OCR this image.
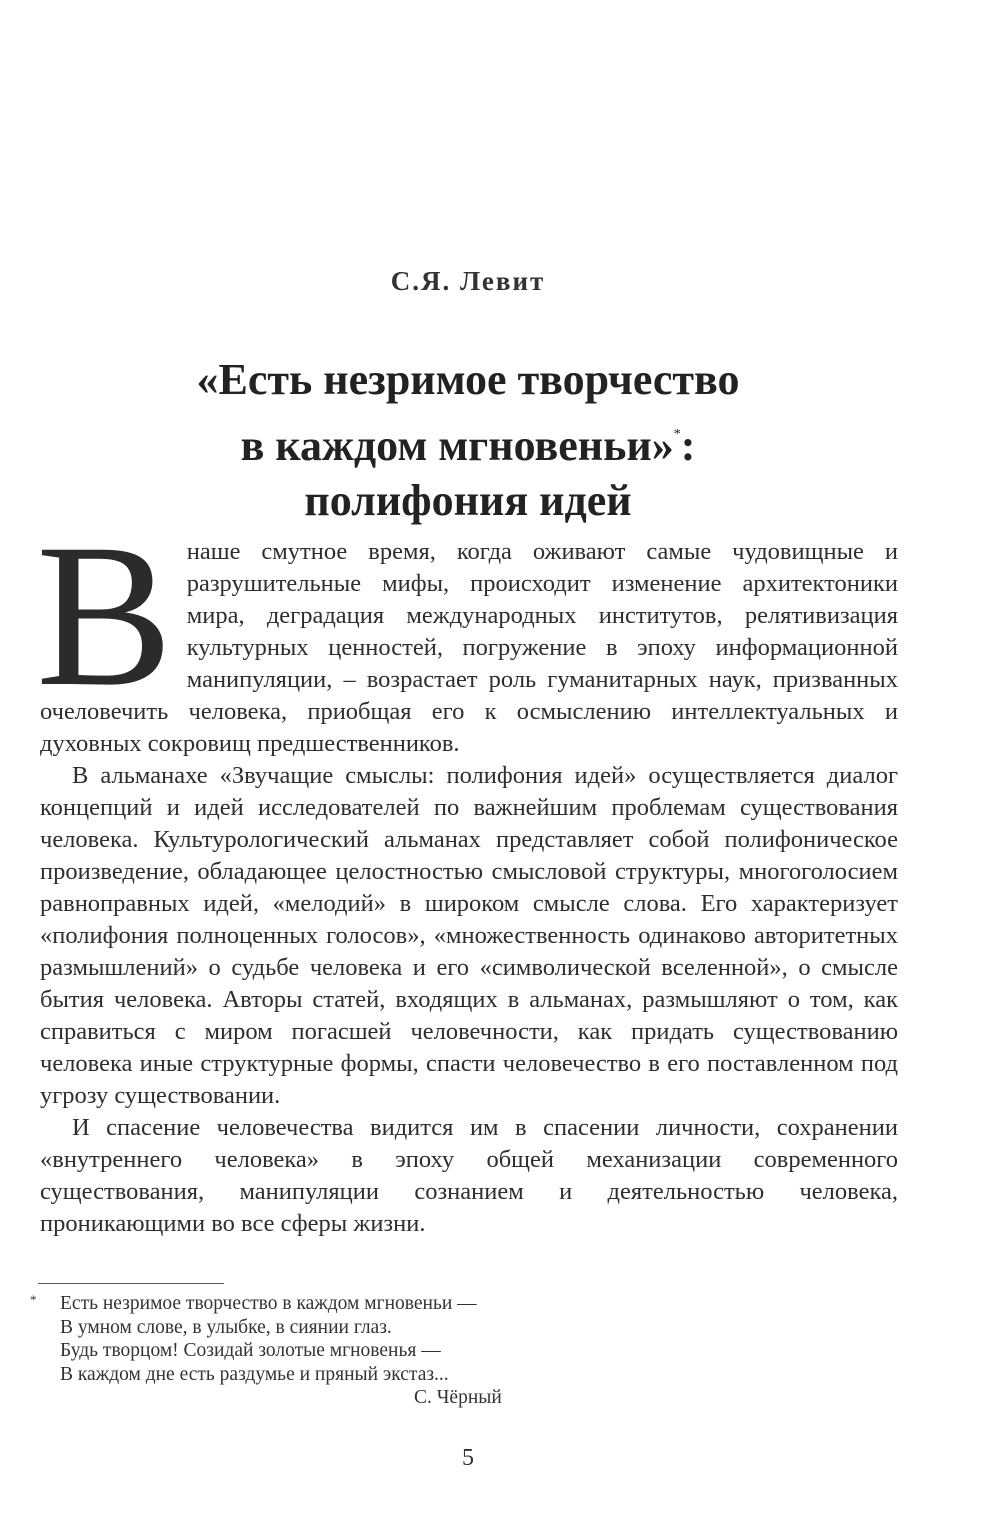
С.Я. Левит
«Есть незримое творчество
в каждом мгновеньи»*:
полифония идей

Внаше смутное время, когда оживают самые чудовищные и разрушительные мифы, происходит изменение архитектоники мира, деградация международных институтов, релятивизация культурных ценностей, погружение в эпоху информационной манипуляции, – возрастает роль гуманитарных наук, призванных очеловечить человека, приобщая его к осмыслению интеллектуальных и духовных сокровищ предшественников.

В альманахе «Звучащие смыслы: полифония идей» осуществляется диалог концепций и идей исследователей по важнейшим проблемам существования человека. Культурологический альманах представляет собой полифоническое произведение, обладающее целостностью смысловой структуры, многоголосием равноправных идей, «мелодий» в широком смысле слова. Его характеризует «полифония полноценных голосов», «множественность одинаково авторитетных размышлений» о судьбе человека и его «символической вселенной», о смысле бытия человека. Авторы статей, входящих в альманах, размышляют о том, как справиться с миром погасшей человечности, как придать существованию человека иные структурные формы, спасти человечество в его поставленном под угрозу существовании.

И спасение человечества видится им в спасении личности, сохранении «внутреннего человека» в эпоху общей механизации современного существования, манипуляции сознанием и деятельностью человека, проникающими во все сферы жизни.

*	Есть незримое творчество в каждом мгновеньи —
В умном слове, в улыбке, в сиянии глаз.
Будь творцом! Созидай золотые мгновенья —
В каждом дне есть раздумье и пряный экстаз...
С. Чёрный
5
